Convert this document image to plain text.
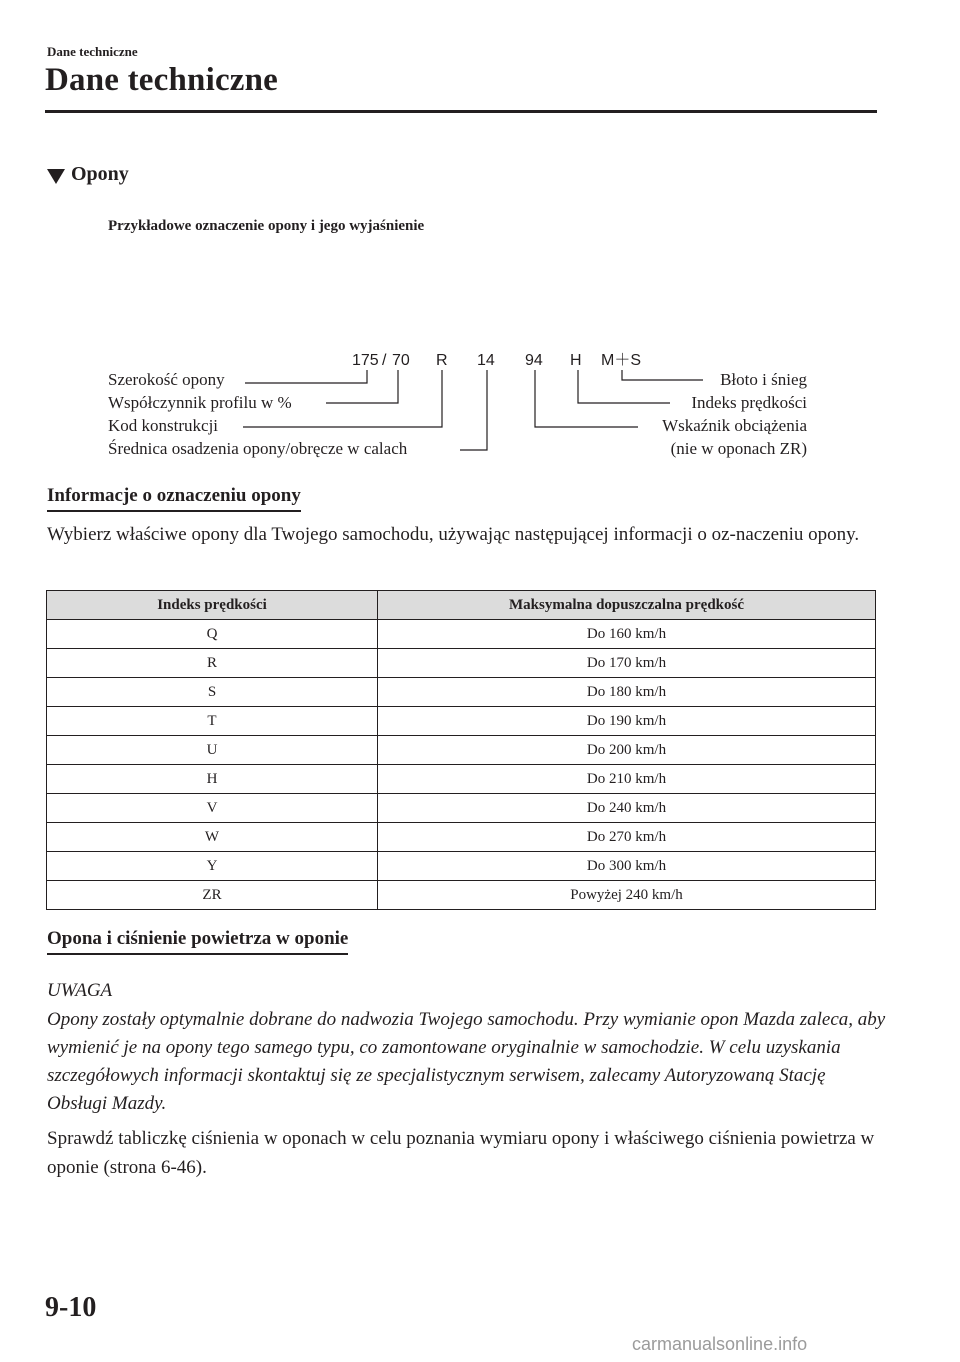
Dane techniczne
Dane techniczne
Opony
Przykładowe oznaczenie opony i jego wyjaśnienie
175 / 70 R 14 94 H M＋S
Szerokość opony
Współczynnik profilu w %
Kod konstrukcji
Średnica osadzenia opony/obręcze w calach
Błoto i śnieg
Indeks prędkości
Wskaźnik obciążenia
(nie w oponach ZR)
Informacje o oznaczeniu opony
Wybierz właściwe opony dla Twojego samochodu, używając następującej informacji o oz-naczeniu opony.
Indeks prędkości	Maksymalna dopuszczalna prędkość
Q	Do 160 km/h
R	Do 170 km/h
S	Do 180 km/h
T	Do 190 km/h
U	Do 200 km/h
H	Do 210 km/h
V	Do 240 km/h
W	Do 270 km/h
Y	Do 300 km/h
ZR	Powyżej 240 km/h
Opona i ciśnienie powietrza w oponie
UWAGA
Opony zostały optymalnie dobrane do nadwozia Twojego samochodu. Przy wymianie opon Mazda zaleca, aby wymienić je na opony tego samego typu, co zamontowane oryginalnie w samochodzie. W celu uzyskania szczegółowych informacji skontaktuj się ze specjalistycznym serwisem, zalecamy Autoryzowaną Stację Obsługi Mazdy.
Sprawdź tabliczkę ciśnienia w oponach w celu poznania wymiaru opony i właściwego ciśnienia powietrza w oponie (strona 6-46).
9-10
carmanualsonline.info
